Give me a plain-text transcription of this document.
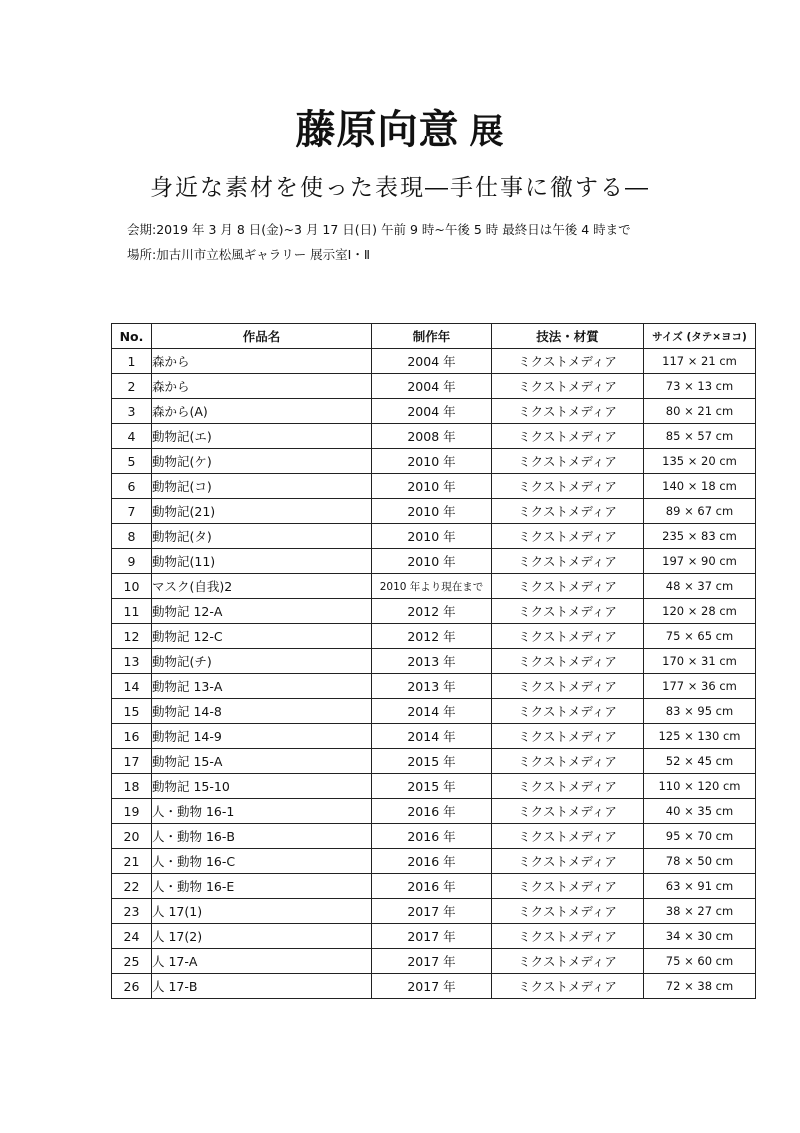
藤原向意 展
身近な素材を使った表現―手仕事に徹する―
会期:2019 年 3 月 8 日(金)~3 月 17 日(日) 午前 9 時~午後 5 時 最終日は午後 4 時まで
場所:加古川市立松風ギャラリー 展示室Ⅰ・Ⅱ
No.	作品名	制作年	技法・材質	サイズ (タテ×ヨコ)
1	森から	2004 年	ミクストメディア	117 × 21 cm
2	森から	2004 年	ミクストメディア	73 × 13 cm
3	森から(A)	2004 年	ミクストメディア	80 × 21 cm
4	動物記(エ)	2008 年	ミクストメディア	85 × 57 cm
5	動物記(ケ)	2010 年	ミクストメディア	135 × 20 cm
6	動物記(コ)	2010 年	ミクストメディア	140 × 18 cm
7	動物記(21)	2010 年	ミクストメディア	89 × 67 cm
8	動物記(タ)	2010 年	ミクストメディア	235 × 83 cm
9	動物記(11)	2010 年	ミクストメディア	197 × 90 cm
10	マスク(自我)2	2010 年より現在まで	ミクストメディア	48 × 37 cm
11	動物記 12-A	2012 年	ミクストメディア	120 × 28 cm
12	動物記 12-C	2012 年	ミクストメディア	75 × 65 cm
13	動物記(チ)	2013 年	ミクストメディア	170 × 31 cm
14	動物記 13-A	2013 年	ミクストメディア	177 × 36 cm
15	動物記 14-8	2014 年	ミクストメディア	83 × 95 cm
16	動物記 14-9	2014 年	ミクストメディア	125 × 130 cm
17	動物記 15-A	2015 年	ミクストメディア	52 × 45 cm
18	動物記 15-10	2015 年	ミクストメディア	110 × 120 cm
19	人・動物 16-1	2016 年	ミクストメディア	40 × 35 cm
20	人・動物 16-B	2016 年	ミクストメディア	95 × 70 cm
21	人・動物 16-C	2016 年	ミクストメディア	78 × 50 cm
22	人・動物 16-E	2016 年	ミクストメディア	63 × 91 cm
23	人 17(1)	2017 年	ミクストメディア	38 × 27 cm
24	人 17(2)	2017 年	ミクストメディア	34 × 30 cm
25	人 17-A	2017 年	ミクストメディア	75 × 60 cm
26	人 17-B	2017 年	ミクストメディア	72 × 38 cm
